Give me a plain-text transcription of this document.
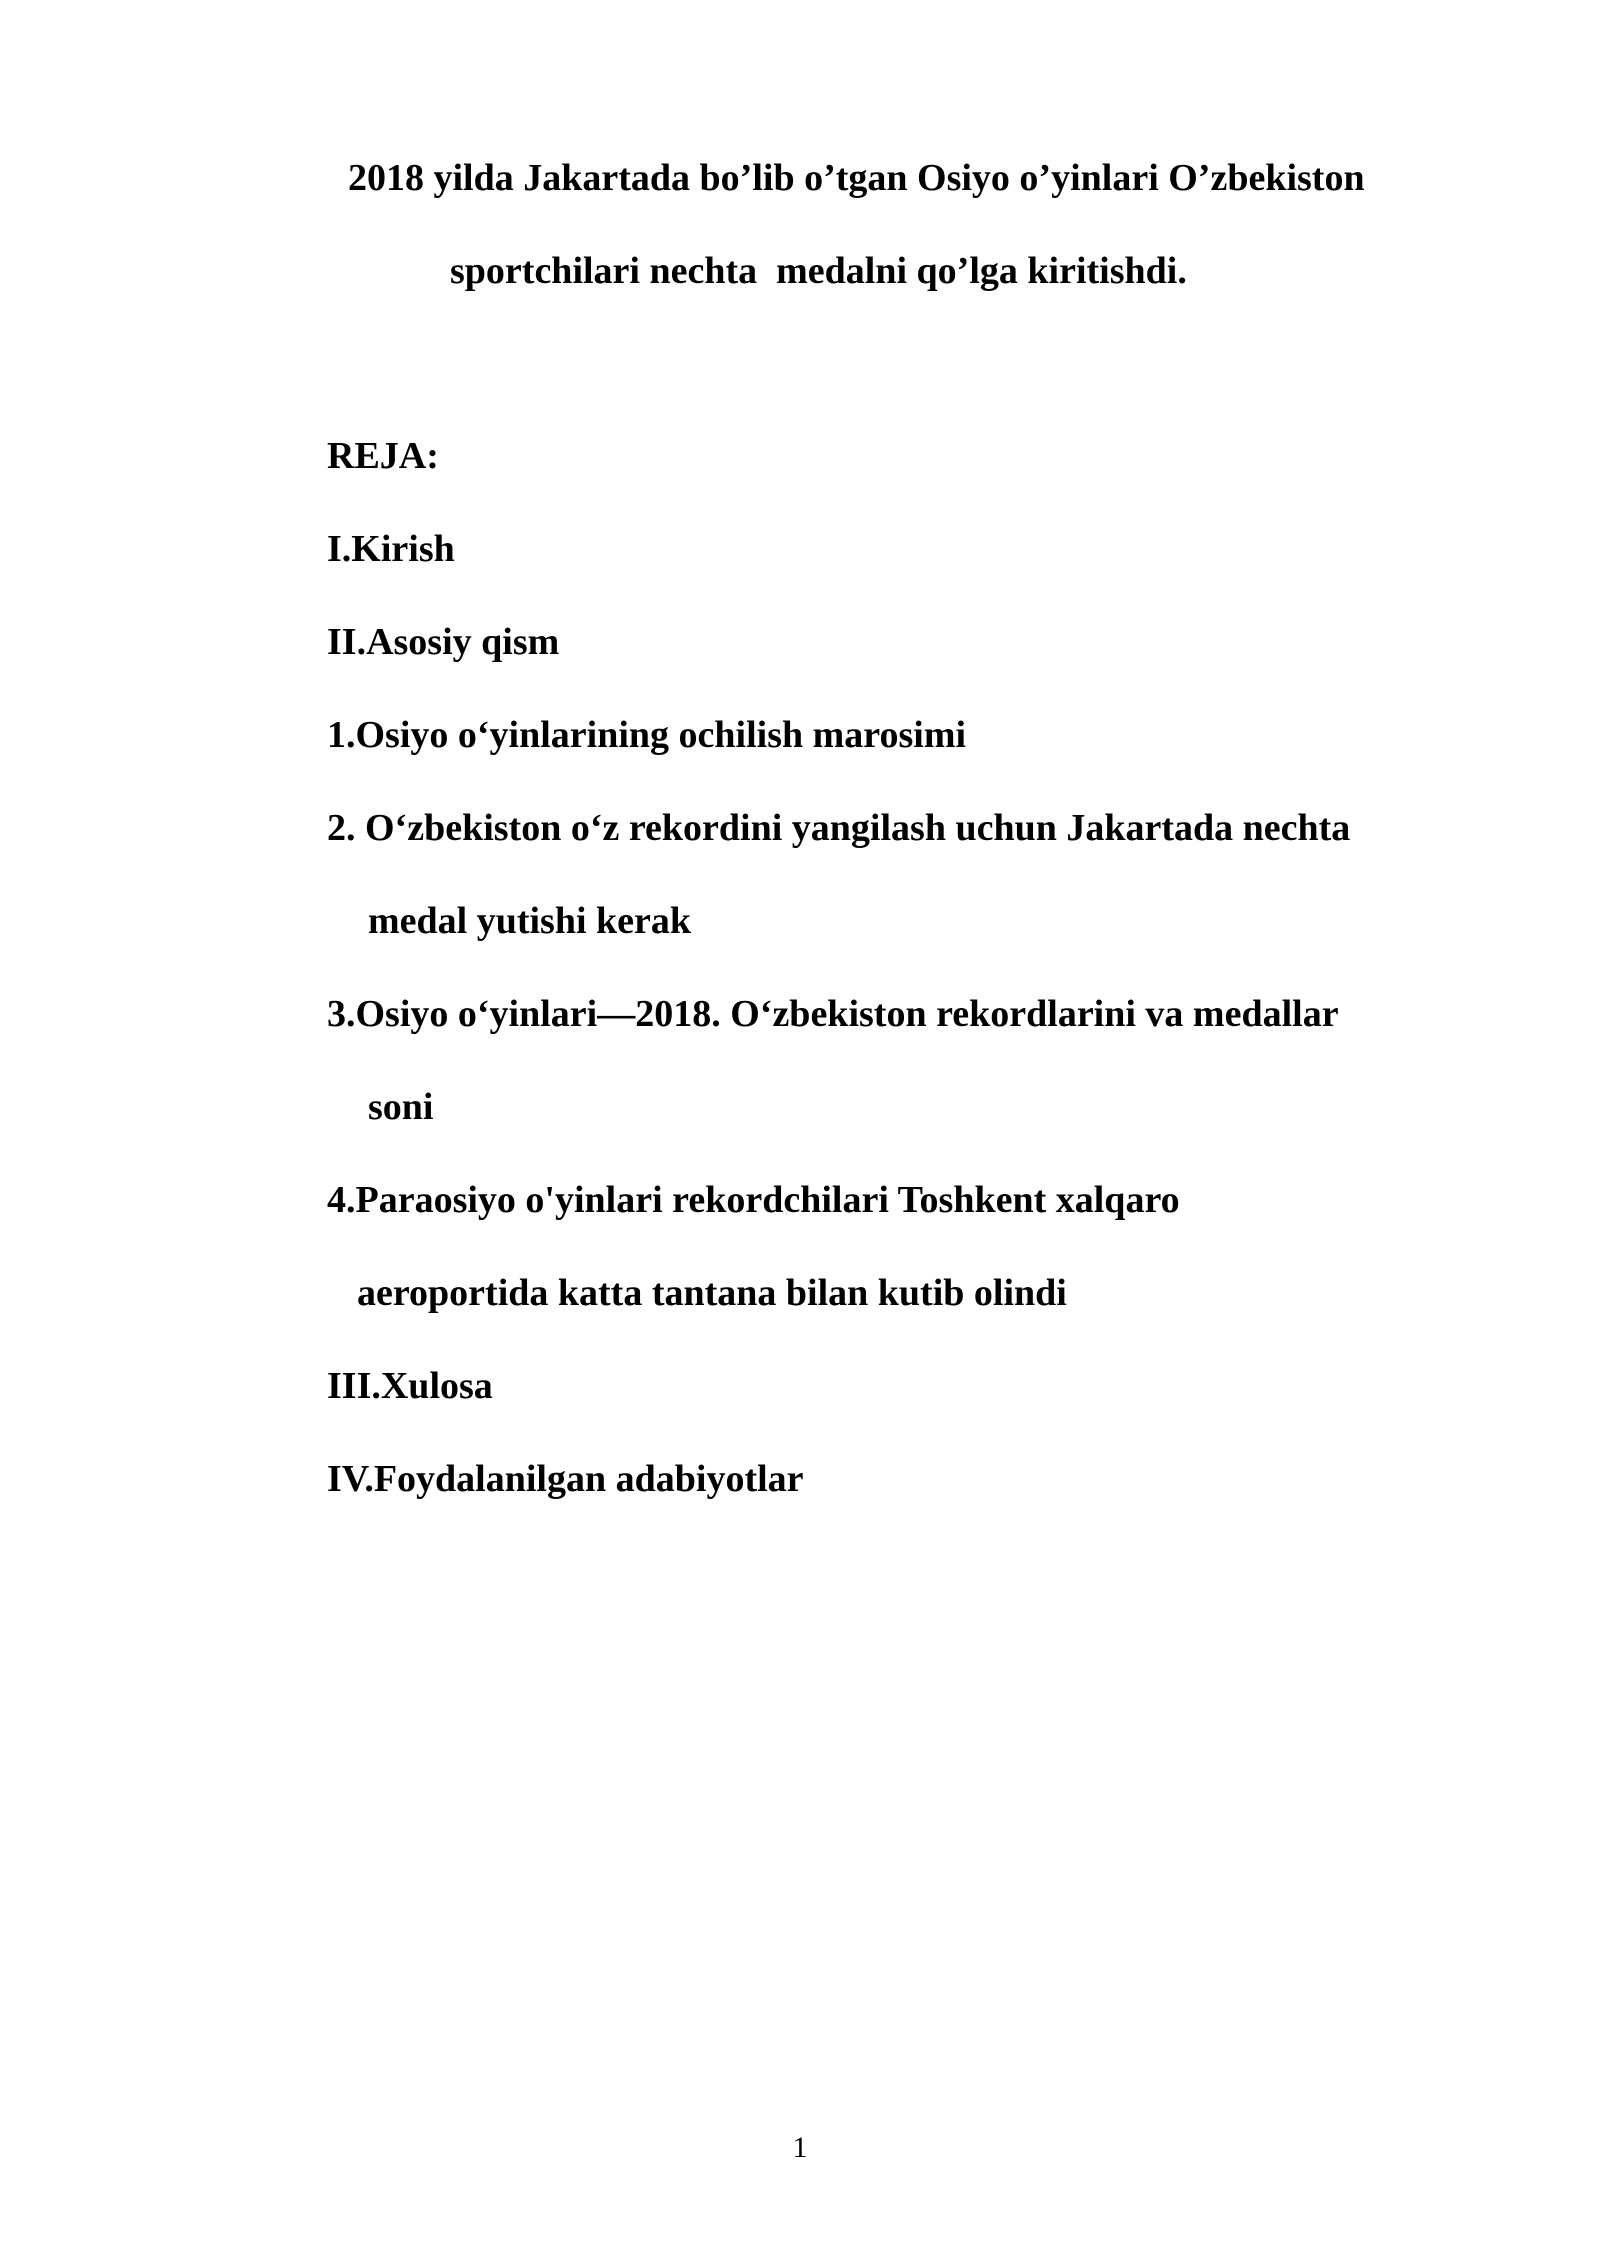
2018 yilda Jakartada bo’lib o’tgan Osiyo o’yinlari O’zbekiston
sportchilari nechta  medalni qo’lga kiritishdi.
REJA:
I.Kirish
II.Asosiy qism
1.Osiyo o‘yinlarining ochilish marosimi
2. O‘zbekiston o‘z rekordini yangilash uchun Jakartada nechta
medal yutishi kerak
3.Osiyo o‘yinlari—2018. O‘zbekiston rekordlarini va medallar
soni
4.Paraosiyo o'yinlari rekordchilari Toshkent xalqaro
aeroportida katta tantana bilan kutib olindi
III.Xulosa
IV.Foydalanilgan adabiyotlar
1
